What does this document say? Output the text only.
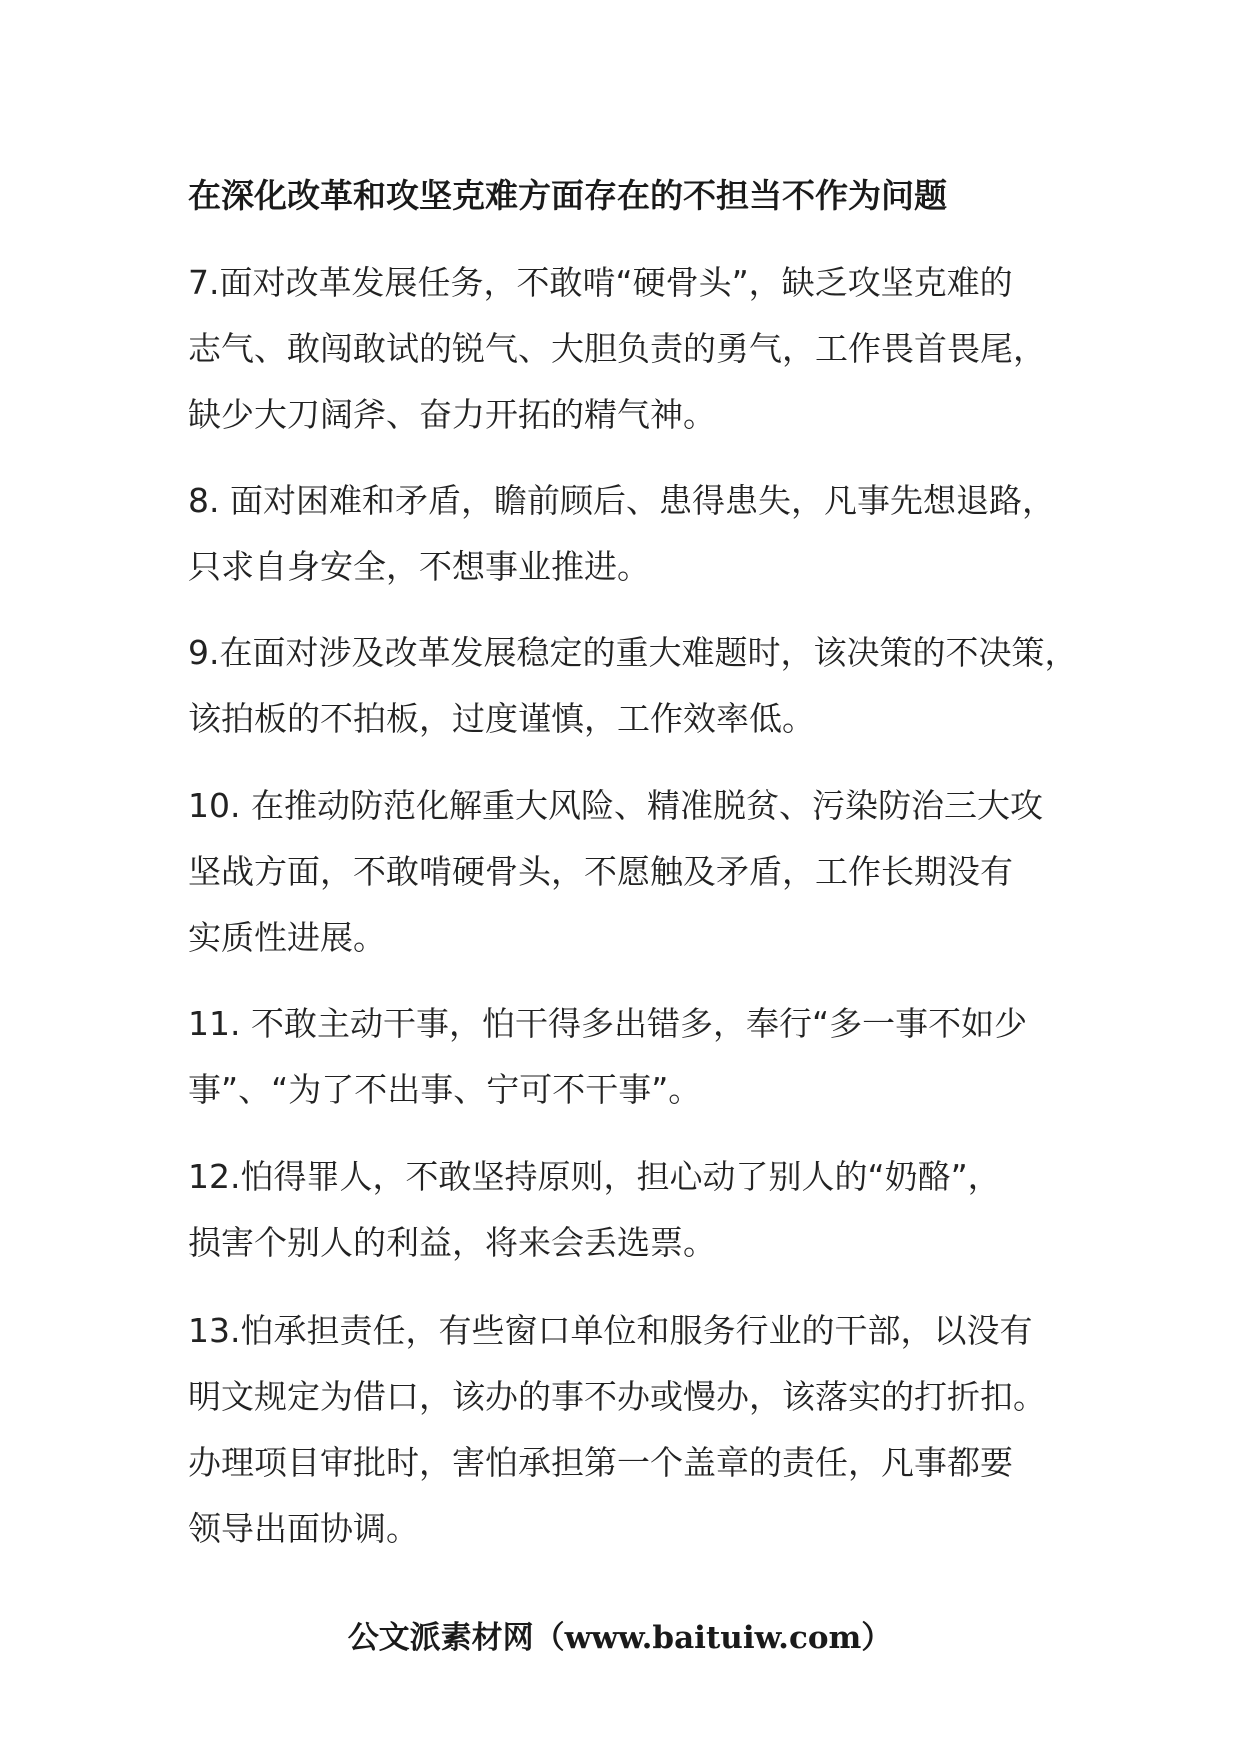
在深化改革和攻坚克难方面存在的不担当不作为问题
7.面对改革发展任务，不敢啃“硬骨头”，缺乏攻坚克难的
志气、敢闯敢试的锐气、大胆负责的勇气，工作畏首畏尾，
缺少大刀阔斧、奋力开拓的精气神。
8. 面对困难和矛盾，瞻前顾后、患得患失，凡事先想退路，
只求自身安全，不想事业推进。
9.在面对涉及改革发展稳定的重大难题时，该决策的不决策，
该拍板的不拍板，过度谨慎，工作效率低。
10. 在推动防范化解重大风险、精准脱贫、污染防治三大攻
坚战方面，不敢啃硬骨头，不愿触及矛盾，工作长期没有
实质性进展。
11. 不敢主动干事，怕干得多出错多，奉行“多一事不如少
事”、“为了不出事、宁可不干事”。
12.怕得罪人，不敢坚持原则，担心动了别人的“奶酪”，
损害个别人的利益，将来会丢选票。
13.怕承担责任，有些窗口单位和服务行业的干部，以没有
明文规定为借口，该办的事不办或慢办，该落实的打折扣。
办理项目审批时，害怕承担第一个盖章的责任，凡事都要
领导出面协调。
公文派素材网（www.baituiw.com）
